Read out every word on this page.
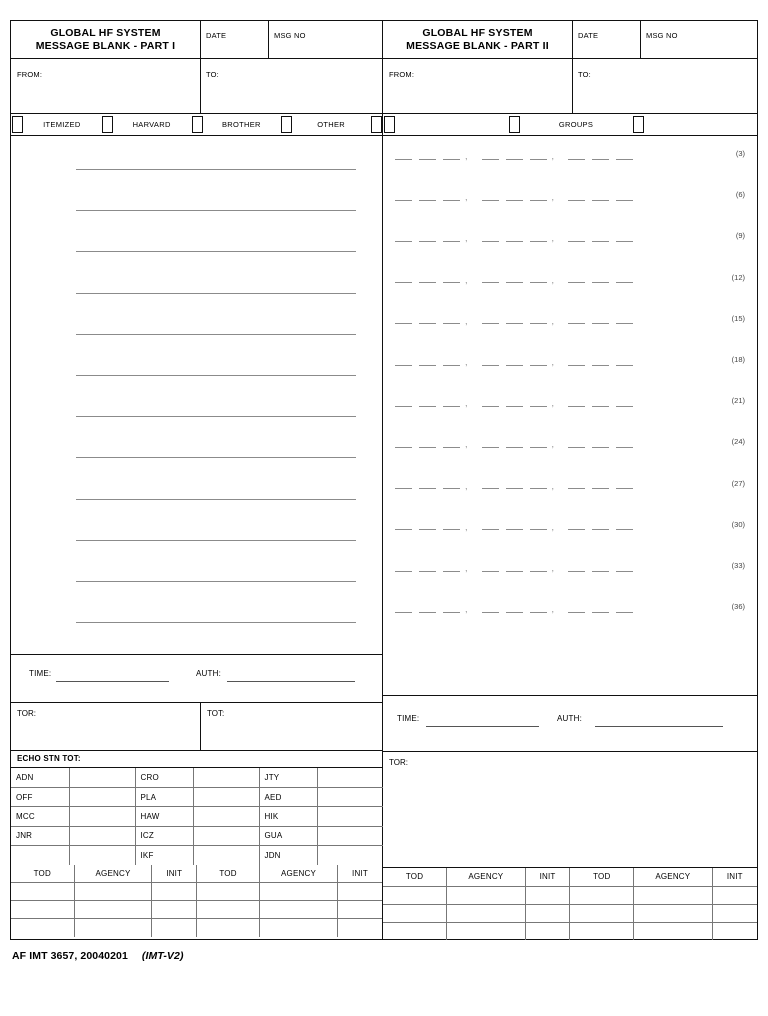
GLOBAL HF SYSTEM
MESSAGE BLANK - PART I
DATE	MSG NO
FROM:	TO:
ITEMIZED	HARVARD	BROTHER	OTHER
TIME:	AUTH:
TOR:	TOT:
ECHO STN TOT:
ADN		CRO		JTY	
OFF		PLA		AED	
MCC		HAW		HIK	
JNR		ICZ		GUA	
		IKF		JDN	
TOD	AGENCY	INIT	TOD	AGENCY	INIT

GLOBAL HF SYSTEM
MESSAGE BLANK - PART II
DATE	MSG NO
FROM:	TO:
GROUPS
,	,	(3)
,	,	(6)
,	,	(9)
,	,	(12)
,	,	(15)
,	,	(18)
,	,	(21)
,	,	(24)
,	,	(27)
,	,	(30)
,	,	(33)
,	,	(36)
TIME:	AUTH:
TOR:
TOD	AGENCY	INIT	TOD	AGENCY	INIT

AF IMT 3657, 20040201 (IMT-V2)
